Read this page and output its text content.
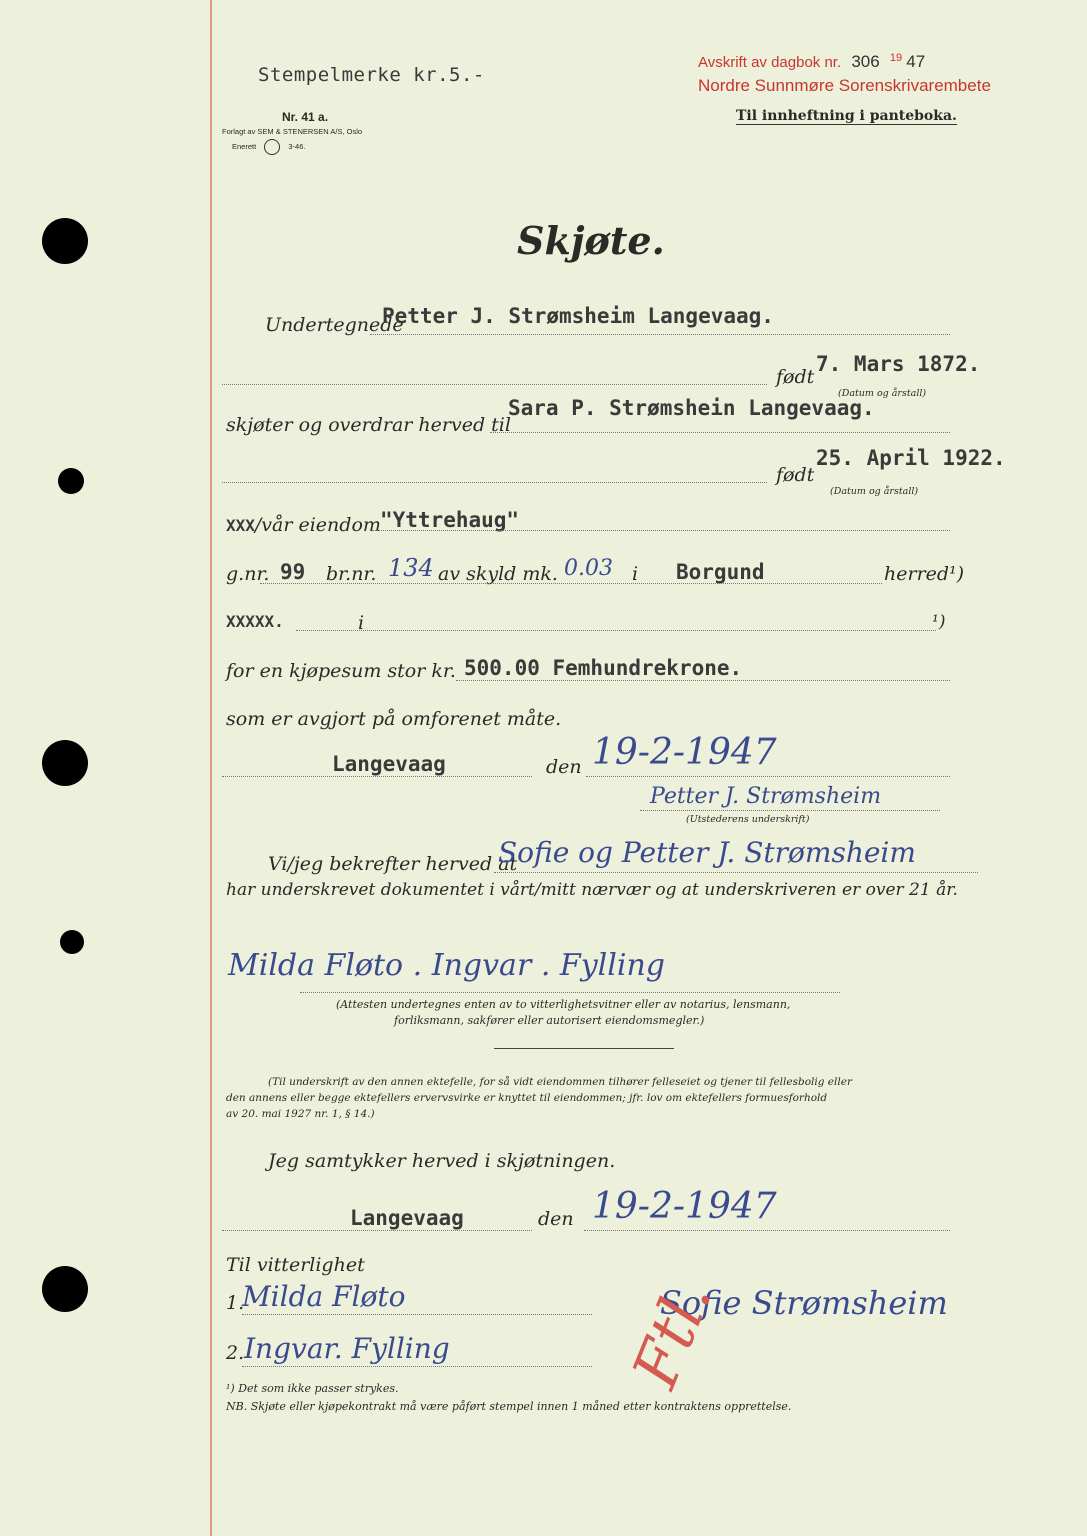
Stempelmerke kr.5.-
Nr. 41 a.
Forlagt av SEM & STENERSEN A/S, Oslo
Enerett	3-46.
Avskrift av dagbok nr. 306 $^{19}$ 47
Nordre Sunnmøre Sorenskrivarembete
Til innheftning i panteboka.
Skjøte.
Undertegnede
Petter J. Strømsheim Langevaag.
født
7. Mars 1872.
(Datum og årstall)
skjøter og overdrar herved til
Sara P. Strømshein Langevaag.
født
25. April 1922.
(Datum og årstall)
XXX/vår eiendom "Yttrehaug"
g.nr. 99 br.nr. 134 av skyld mk. 0.03 i Borgund	herred¹)
XXXXX.	i	¹)
for en kjøpesum stor kr. 500.00 Femhundrekrone.
som er avgjort på omforenet måte.
Langevaag	den 19-2-1947
Petter J. Strømsheim
(Utstederens underskrift)
Vi/jeg bekrefter herved at
Sofie og Petter J. Strømsheim
har underskrevet dokumentet i vårt/mitt nærvær og at underskriveren er over 21 år.
Milda Fløto . Ingvar . Fylling
(Attesten undertegnes enten av to vitterlighetsvitner eller av notarius, lensmann,
forliksmann, sakfører eller autorisert eiendomsmegler.)
(Til underskrift av den annen ektefelle, for så vidt eiendommen tilhører felleseiet og tjener til fellesbolig eller
den annens eller begge ektefellers ervervsvirke er knyttet til eiendommen; jfr. lov om ektefellers formuesforhold
av 20. mai 1927 nr. 1, § 14.)
Jeg samtykker herved i skjøtningen.
Langevaag	den 19-2-1947
Til vitterlighet
1.
Milda Fløto	Sofie Strømsheim
2. Ingvar. Fylling
¹) Det som ikke passer strykes.
NB. Skjøte eller kjøpekontrakt må være påført stempel innen 1 måned etter kontraktens opprettelse.
Ftl.
